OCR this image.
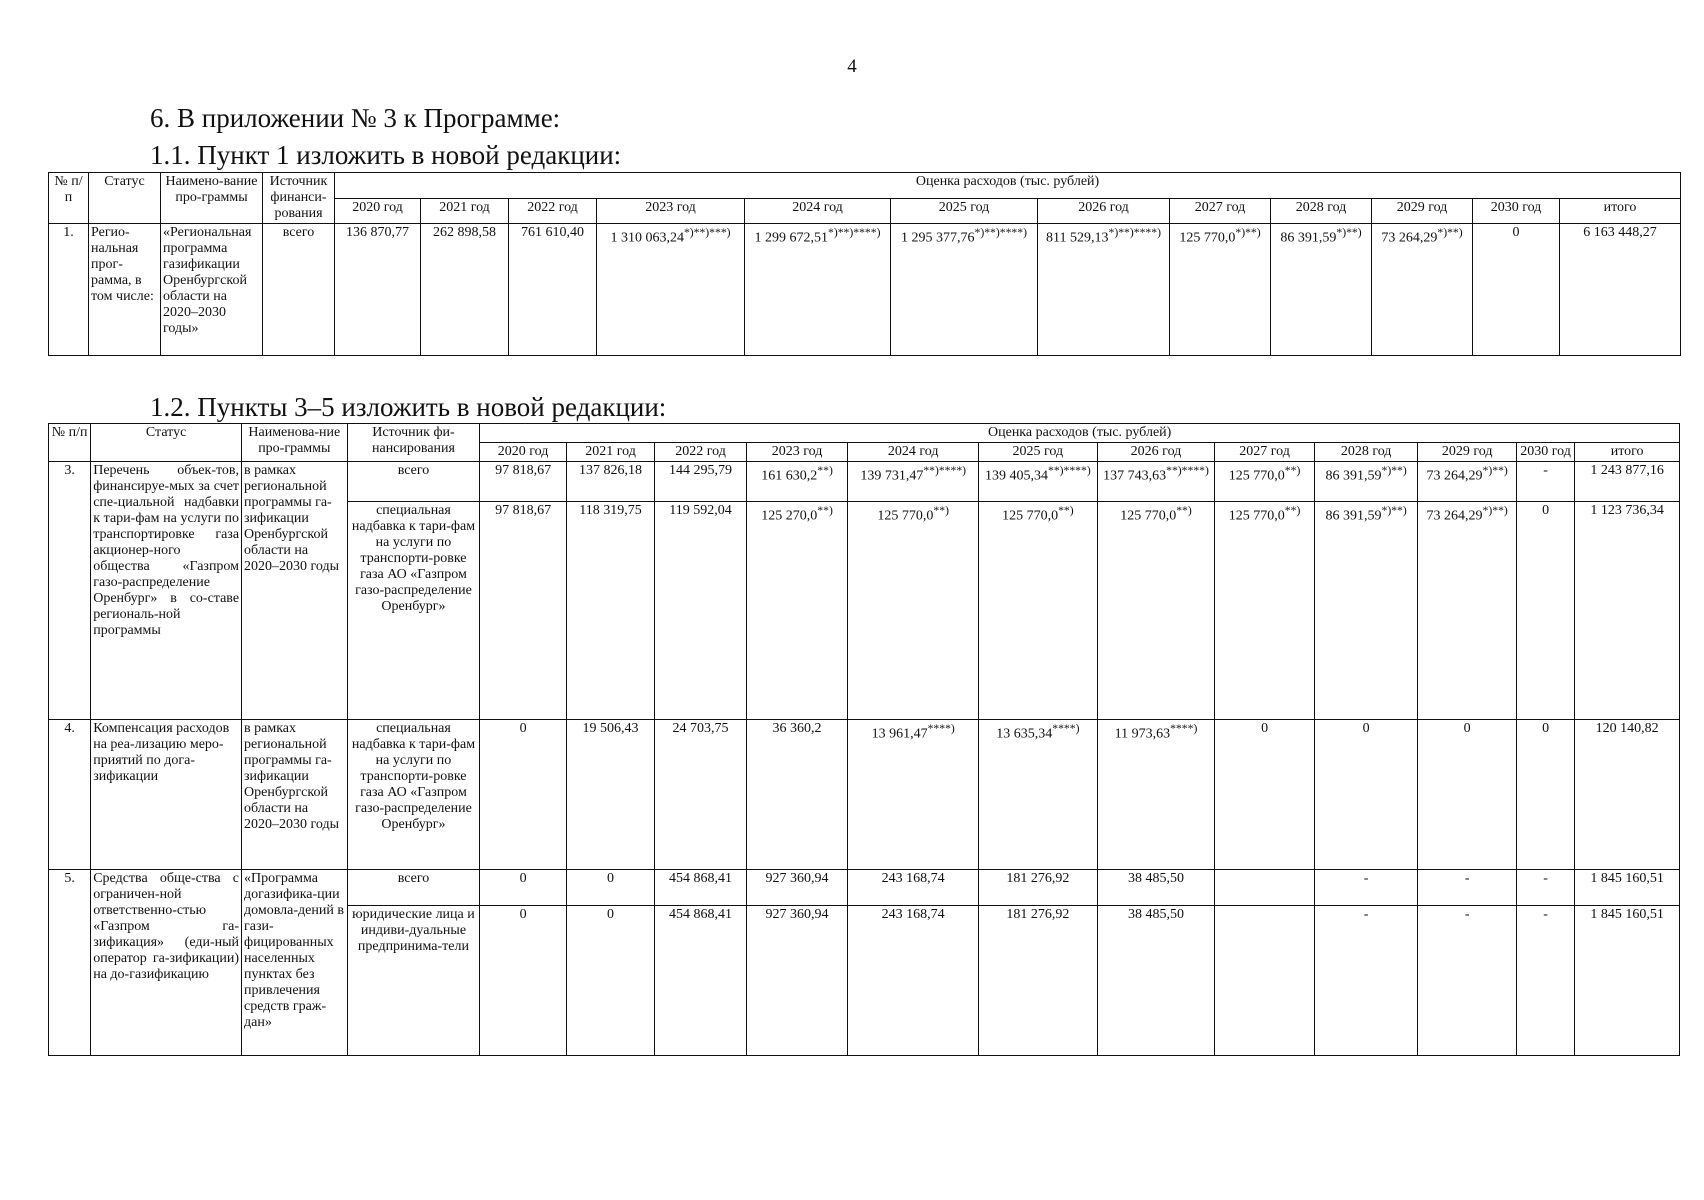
4
6. В приложении № 3 к Программе:
1.1. Пункт 1 изложить в новой редакции:
№ п/п	Статус	Наимено-вание про-граммы	Источник финанси-рования	Оценка расходов (тыс. рублей)											
				2020 год	2021 год	2022 год	2023 год	2024 год	2025 год	2026 год	2027 год	2028 год	2029 год	2030 год	итого
1.	Регио-нальная прог-рамма, в том числе:	«Региональная программа газификации Оренбургской области на 2020–2030 годы»	всего	136 870,77	262 898,58	761 610,40	1 310 063,24*)**)***)	1 299 672,51*)**)****)	1 295 377,76*)**)****)	811 529,13*)**)****)	125 770,0*)**)	86 391,59*)**)	73 264,29*)**)	0	6 163 448,27
1.2. Пункты 3–5 изложить в новой редакции:
№ п/п	Статус	Наименова-ние про-граммы	Источник фи-нансирования	Оценка расходов (тыс. рублей)											
				2020 год	2021 год	2022 год	2023 год	2024 год	2025 год	2026 год	2027 год	2028 год	2029 год	2030 год	итого
3.	Перечень объек-тов, финансируе-мых за счет спе-циальной надбавки к тари-фам на услуги по транспортировке газа акционер-ного общества «Газпром газо-распределение Оренбург» в со-ставе региональ-ной программы	в рамках региональной программы га-зификации Оренбургской области на 2020–2030 годы	всего	97 818,67	137 826,18	144 295,79	161 630,2**)	139 731,47**)****)	139 405,34**)****)	137 743,63**)****)	125 770,0**)	86 391,59*)**)	73 264,29*)**)	-	1 243 877,16
			специальная надбавка к тари-фам на услуги по транспорти-ровке газа АО «Газпром газо-распределение Оренбург»	97 818,67	118 319,75	119 592,04	125 270,0**)	125 770,0**)	125 770,0**)	125 770,0**)	125 770,0**)	86 391,59*)**)	73 264,29*)**)	0	1 123 736,34
4.	Компенсация расходов на реа-лизацию меро-приятий по дога-зификации	в рамках региональной программы га-зификации Оренбургской области на 2020–2030 годы	специальная надбавка к тари-фам на услуги по транспорти-ровке газа АО «Газпром газо-распределение Оренбург»	0	19 506,43	24 703,75	36 360,2	13 961,47****)	13 635,34****)	11 973,63****)	0	0	0	0	120 140,82
5.	Средства обще-ства с ограничен-ной ответственно-стью «Газпром га-зификация» (еди-ный оператор га-зификации) на до-газификацию	«Программа догазифика-ции домовла-дений в гази-фицированных населенных пунктах без привлечения средств граж-дан»	всего	0	0	454 868,41	927 360,94	243 168,74	181 276,92	38 485,50		-	-	-	1 845 160,51
			юридические лица и индиви-дуальные предпринима-тели	0	0	454 868,41	927 360,94	243 168,74	181 276,92	38 485,50		-	-	-	1 845 160,51
